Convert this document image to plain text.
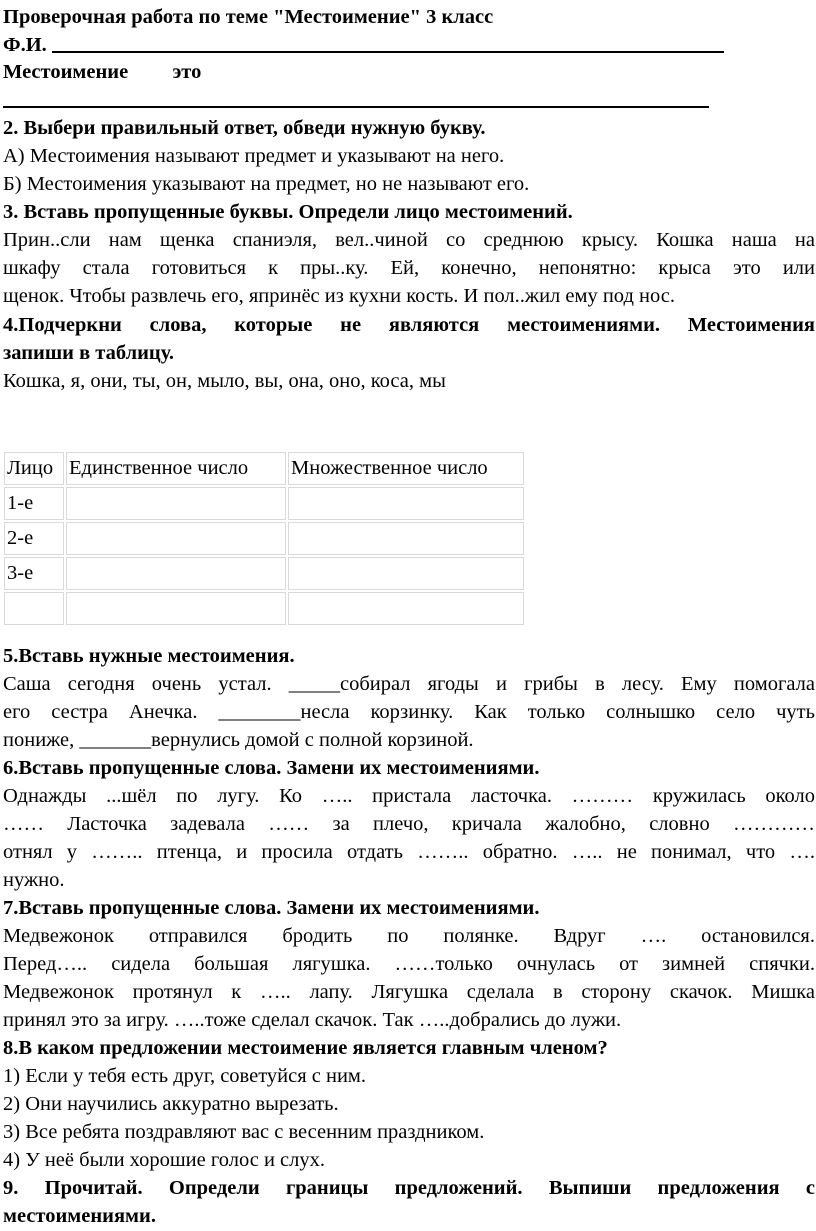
Проверочная работа по теме "Местоимение" 3 класс
Ф.И.
Местоимение это
2. Выбери правильный ответ, обведи нужную букву.
А) Местоимения называют предмет и указывают на него.
Б) Местоимения указывают на предмет, но не называют его.
3. Вставь пропущенные буквы. Определи лицо местоимений.
Прин..сли нам щенка спаниэля, вел..чиной со среднюю крысу. Кошка наша на
шкафу стала готовиться к пры..ку. Ей, конечно, непонятно: крыса это или
щенок. Чтобы развлечь его, япринёс из кухни кость. И пол..жил ему под нос.
4.Подчеркни слова, которые не являются местоимениями. Местоимения
запиши в таблицу.
Кошка, я, они, ты, он, мыло, вы, она, оно, коса, мы
Лицо	Единственное число	Множественное число
1-е		
2-е		
3-е		

5.Вставь нужные местоимения.
Саша сегодня очень устал. _____собирал ягоды и грибы в лесу. Ему помогала
его сестра Анечка. ________несла корзинку. Как только солнышко село чуть
пониже, _______вернулись домой с полной корзиной.
6.Вставь пропущенные слова. Замени их местоимениями.
Однажды ...шёл по лугу. Ко ….. пристала ласточка. ……… кружилась около
…… Ласточка задевала …… за плечо, кричала жалобно, словно …………
отнял у …….. птенца, и просила отдать …….. обратно. ….. не понимал, что ….
нужно.
7.Вставь пропущенные слова. Замени их местоимениями.
Медвежонок отправился бродить по полянке. Вдруг …. остановился.
Перед….. сидела большая лягушка. ……только очнулась от зимней спячки.
Медвежонок протянул к ….. лапу. Лягушка сделала в сторону скачок. Мишка
принял это за игру. …..тоже сделал скачок. Так …..добрались до лужи.
8.В каком предложении местоимение является главным членом?
1) Если у тебя есть друг, советуйся с ним.
2) Они научились аккуратно вырезать.
3) Все ребята поздравляют вас с весенним праздником.
4) У неё были хорошие голос и слух.
9. Прочитай. Определи границы предложений. Выпиши предложения с
местоимениями.
